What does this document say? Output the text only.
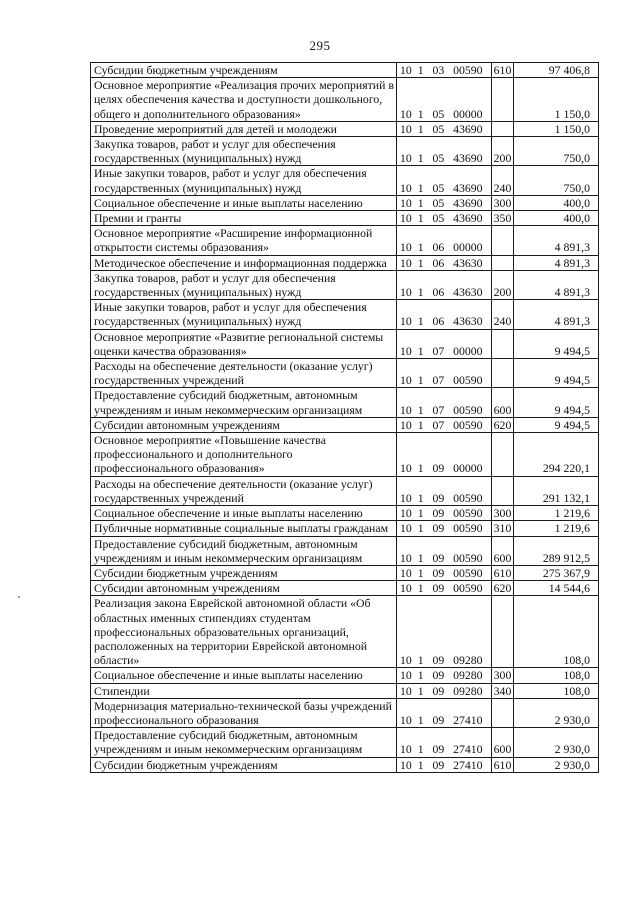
295
Субсидии бюджетным учреждениям	10  1   03   00590	610	97 406,8
Основное мероприятие «Реализация прочих мероприятий в целях обеспечения качества и доступности дошкольного, общего и дополнительного образования»	10  1   05   00000		1 150,0
Проведение мероприятий для детей и молодежи	10  1   05   43690		1 150,0
Закупка товаров, работ и услуг для обеспечения государственных (муниципальных) нужд	10  1   05   43690	200	750,0
Иные закупки товаров, работ и услуг для обеспечения государственных (муниципальных) нужд	10  1   05   43690	240	750,0
Социальное обеспечение и иные выплаты населению	10  1   05   43690	300	400,0
Премии и гранты	10  1   05   43690	350	400,0
Основное мероприятие «Расширение информационной открытости системы образования»	10  1   06   00000		4 891,3
Методическое обеспечение и информационная поддержка	10  1   06   43630		4 891,3
Закупка товаров, работ и услуг для обеспечения государственных (муниципальных) нужд	10  1   06   43630	200	4 891,3
Иные закупки товаров, работ и услуг для обеспечения государственных (муниципальных) нужд	10  1   06   43630	240	4 891,3
Основное мероприятие «Развитие региональной системы оценки качества образования»	10  1   07   00000		9 494,5
Расходы на обеспечение деятельности (оказание услуг) государственных учреждений	10  1   07   00590		9 494,5
Предоставление субсидий бюджетным, автономным учреждениям и иным некоммерческим организациям	10  1   07   00590	600	9 494,5
Субсидии автономным учреждениям	10  1   07   00590	620	9 494,5
Основное мероприятие «Повышение качества профессионального и дополнительного профессионального образования»	10  1   09   00000		294 220,1
Расходы на обеспечение деятельности (оказание услуг) государственных учреждений	10  1   09   00590		291 132,1
Социальное обеспечение и иные выплаты населению	10  1   09   00590	300	1 219,6
Публичные нормативные социальные выплаты гражданам	10  1   09   00590	310	1 219,6
Предоставление субсидий бюджетным, автономным учреждениям и иным некоммерческим организациям	10  1   09   00590	600	289 912,5
Субсидии бюджетным учреждениям	10  1   09   00590	610	275 367,9
Субсидии автономным учреждениям	10  1   09   00590	620	14 544,6
Реализация закона Еврейской автономной области «Об областных именных стипендиях студентам профессиональных образовательных организаций, расположенных на территории Еврейской автономной области»	10  1   09   09280		108,0
Социальное обеспечение и иные выплаты населению	10  1   09   09280	300	108,0
Стипендии	10  1   09   09280	340	108,0
Модернизация материально-технической базы учреждений профессионального образования	10  1   09   27410		2 930,0
Предоставление субсидий бюджетным, автономным учреждениям и иным некоммерческим организациям	10  1   09   27410	600	2 930,0
Субсидии бюджетным учреждениям	10  1   09   27410	610	2 930,0
